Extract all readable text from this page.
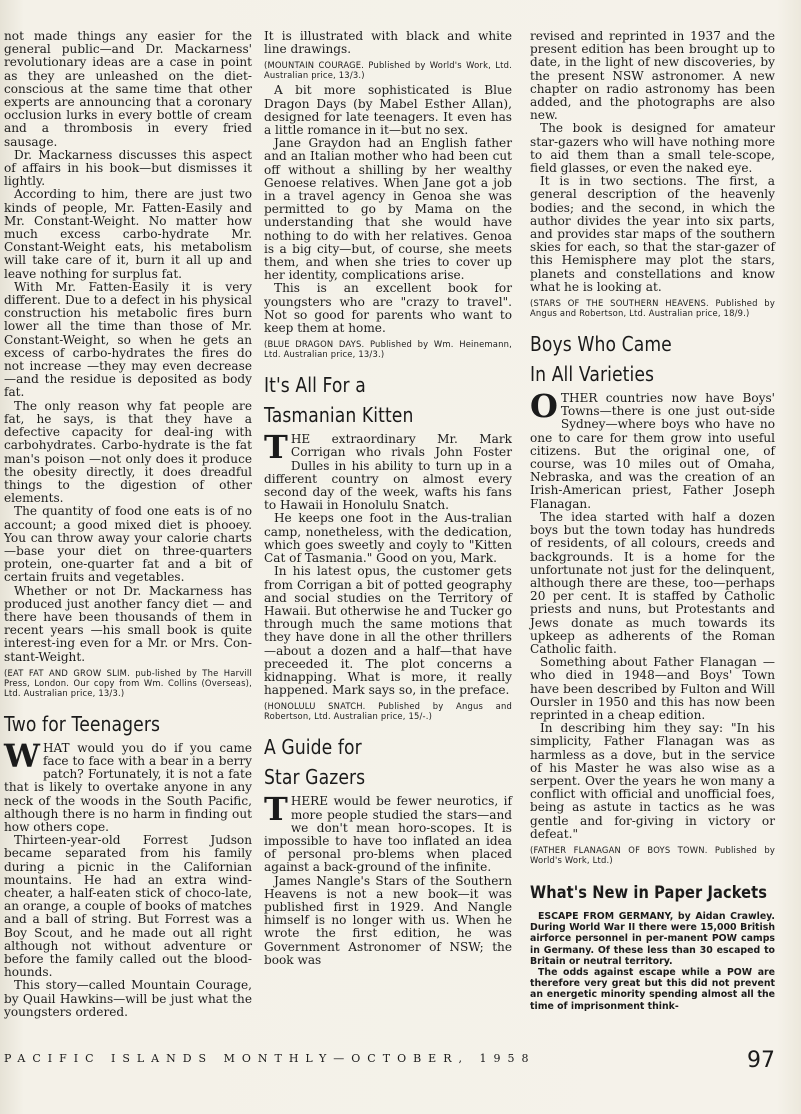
not made things any easier for the general public—and Dr. Mackarness' revolutionary ideas are a case in point as they are unleashed on the diet-conscious at the same time that other experts are announcing that a coronary occlusion lurks in every bottle of cream and a thrombosis in every fried sausage.

Dr. Mackarness discusses this aspect of affairs in his book—but dismisses it lightly.

According to him, there are just two kinds of people, Mr. Fatten-Easily and Mr. Constant-Weight. No matter how much excess carbo-hydrate Mr. Constant-Weight eats, his metabolism will take care of it, burn it all up and leave nothing for surplus fat.

With Mr. Fatten-Easily it is very different. Due to a defect in his physical construction his metabolic fires burn lower all the time than those of Mr. Constant-Weight, so when he gets an excess of carbo-hydrates the fires do not increase —they may even decrease—and the residue is deposited as body fat.

The only reason why fat people are fat, he says, is that they have a defective capacity for deal-ing with carbohydrates. Carbo-hydrate is the fat man's poison —not only does it produce the obesity directly, it does dreadful things to the digestion of other elements.

The quantity of food one eats is of no account; a good mixed diet is phooey. You can throw away your calorie charts—base your diet on three-quarters protein, one-quarter fat and a bit of certain fruits and vegetables.

Whether or not Dr. Mackarness has produced just another fancy diet — and there have been thousands of them in recent years —his small book is quite interest-ing even for a Mr. or Mrs. Con-stant-Weight.

(EAT FAT AND GROW SLIM. pub-lished by The Harvill Press, London. Our copy from Wm. Collins (Overseas), Ltd. Australian price, 13/3.)

Two for Teenagers

WHAT would you do if you came face to face with a bear in a berry patch? Fortunately, it is not a fate that is likely to overtake anyone in any neck of the woods in the South Pacific, although there is no harm in finding out how others cope.

Thirteen-year-old Forrest Judson became separated from his family during a picnic in the Californian mountains. He had an extra wind-cheater, a half-eaten stick of choco-late, an orange, a couple of books of matches and a ball of string. But Forrest was a Boy Scout, and he made out all right although not without adventure or before the family called out the blood-hounds.

This story—called Mountain Courage, by Quail Hawkins—will be just what the youngsters ordered.

It is illustrated with black and white line drawings.

(MOUNTAIN COURAGE. Published by World's Work, Ltd. Australian price, 13/3.)

A bit more sophisticated is Blue Dragon Days (by Mabel Esther Allan), designed for late teenagers. It even has a little romance in it—but no sex.

Jane Graydon had an English father and an Italian mother who had been cut off without a shilling by her wealthy Genoese relatives. When Jane got a job in a travel agency in Genoa she was permitted to go by Mama on the understanding that she would have nothing to do with her relatives. Genoa is a big city—but, of course, she meets them, and when she tries to cover up her identity, complications arise.

This is an excellent book for youngsters who are "crazy to travel". Not so good for parents who want to keep them at home.

(BLUE DRAGON DAYS. Published by Wm. Heinemann, Ltd. Australian price, 13/3.)

It's All For a
Tasmanian Kitten

THE extraordinary Mr. Mark Corrigan who rivals John Foster Dulles in his ability to turn up in a different country on almost every second day of the week, wafts his fans to Hawaii in Honolulu Snatch.

He keeps one foot in the Aus-tralian camp, nonetheless, with the dedication, which goes sweetly and coyly to "Kitten Cat of Tasmania." Good on you, Mark.

In his latest opus, the customer gets from Corrigan a bit of potted geography and social studies on the Territory of Hawaii. But otherwise he and Tucker go through much the same motions that they have done in all the other thrillers—about a dozen and a half—that have preceeded it. The plot concerns a kidnapping. What is more, it really happened. Mark says so, in the preface.

(HONOLULU SNATCH. Published by Angus and Robertson, Ltd. Australian price, 15/-.)

A Guide for
Star Gazers

THERE would be fewer neurotics, if more people studied the stars—and we don't mean horo-scopes. It is impossible to have too inflated an idea of personal pro-blems when placed against a back-ground of the infinite.

James Nangle's Stars of the Southern Heavens is not a new book—it was published first in 1929. And Nangle himself is no longer with us. When he wrote the first edition, he was Government Astronomer of NSW; the book was

revised and reprinted in 1937 and the present edition has been brought up to date, in the light of new discoveries, by the present NSW astronomer. A new chapter on radio astronomy has been added, and the photographs are also new.

The book is designed for amateur star-gazers who will have nothing more to aid them than a small tele-scope, field glasses, or even the naked eye.

It is in two sections. The first, a general description of the heavenly bodies; and the second, in which the author divides the year into six parts, and provides star maps of the southern skies for each, so that the star-gazer of this Hemisphere may plot the stars, planets and constellations and know what he is looking at.

(STARS OF THE SOUTHERN HEAVENS. Published by Angus and Robertson, Ltd. Australian price, 18/9.)

Boys Who Came
In All Varieties

OTHER countries now have Boys' Towns—there is one just out-side Sydney—where boys who have no one to care for them grow into useful citizens. But the original one, of course, was 10 miles out of Omaha, Nebraska, and was the creation of an Irish-American priest, Father Joseph Flanagan.

The idea started with half a dozen boys but the town today has hundreds of residents, of all colours, creeds and backgrounds. It is a home for the unfortunate not just for the delinquent, although there are these, too—perhaps 20 per cent. It is staffed by Catholic priests and nuns, but Protestants and Jews donate as much towards its upkeep as adherents of the Roman Catholic faith.

Something about Father Flanagan —who died in 1948—and Boys' Town have been described by Fulton and Will Oursler in 1950 and this has now been reprinted in a cheap edition.

In describing him they say: "In his simplicity, Father Flanagan was as harmless as a dove, but in the service of his Master he was also wise as a serpent. Over the years he won many a conflict with official and unofficial foes, being as astute in tactics as he was gentle and for-giving in victory or defeat."

(FATHER FLANAGAN OF BOYS TOWN. Published by World's Work, Ltd.)

What's New in Paper Jackets

ESCAPE FROM GERMANY, by Aidan Crawley. During World War II there were 15,000 British airforce personnel in per-manent POW camps in Germany. Of these less than 30 escaped to Britain or neutral territory.

The odds against escape while a POW are therefore very great but this did not prevent an energetic minority spending almost all the time of imprisonment think-

PACIFIC ISLANDS MONTHLY—OCTOBER, 1958	97
